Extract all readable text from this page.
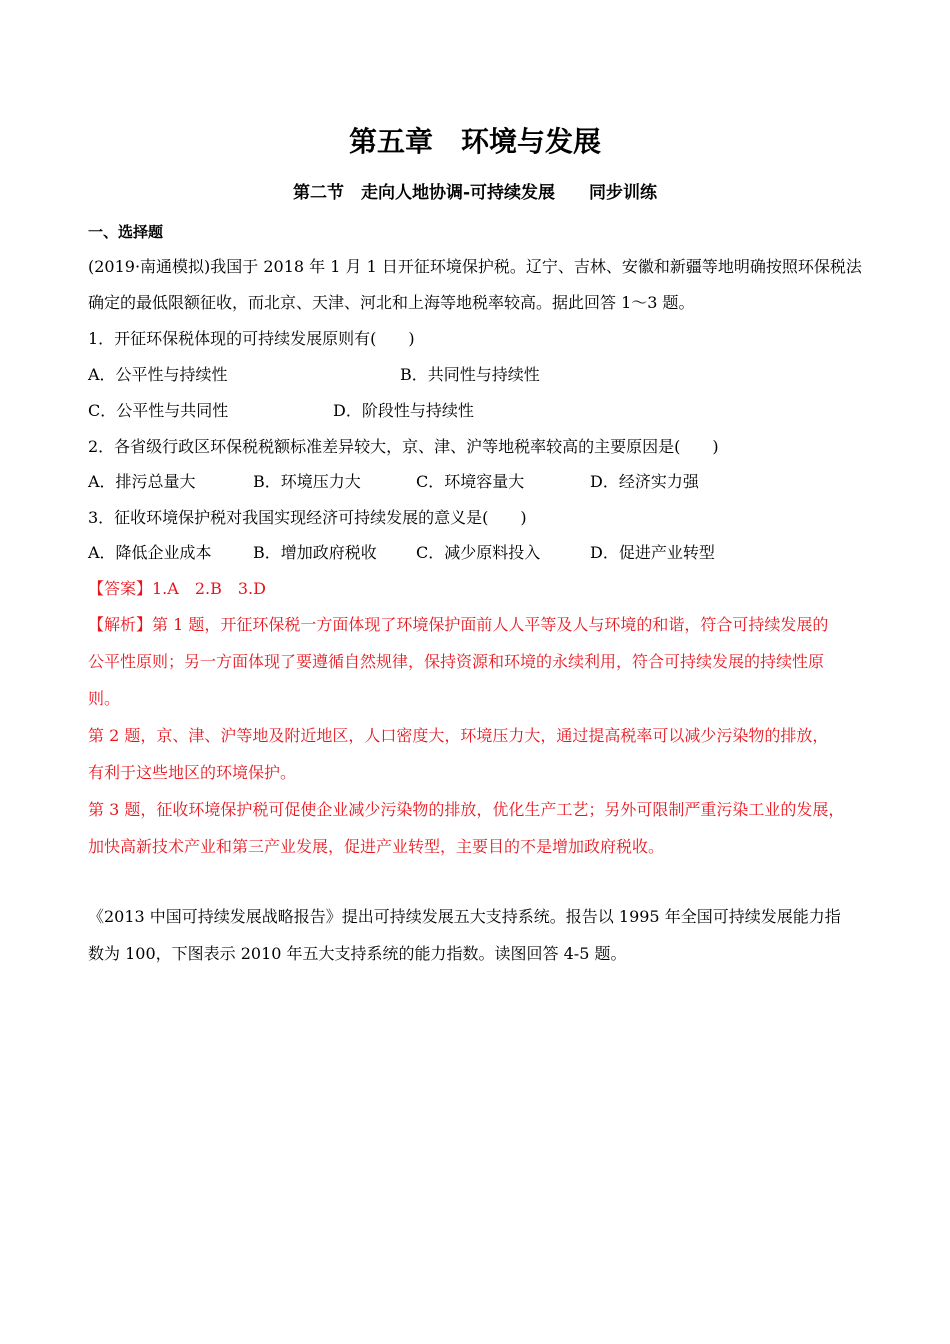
第五章　环境与发展
第二节　走向人地协调-可持续发展　　同步训练
一、选择题
(2019·南通模拟)我国于 2018 年 1 月 1 日开征环境保护税。辽宁、吉林、安徽和新疆等地明确按照环保税法
确定的最低限额征收，而北京、天津、河北和上海等地税率较高。据此回答 1～3 题。
1．开征环保税体现的可持续发展原则有(　　)
A．公平性与持续性	B．共同性与持续性
C．公平性与共同性	D．阶段性与持续性
2．各省级行政区环保税税额标准差异较大，京、津、沪等地税率较高的主要原因是(　　)
A．排污总量大	B．环境压力大	C．环境容量大	D．经济实力强
3．征收环境保护税对我国实现经济可持续发展的意义是(　　)
A．降低企业成本	B．增加政府税收 C．减少原料投入	D．促进产业转型
【答案】1.A　2.B　3.D
【解析】第 1 题，开征环保税一方面体现了环境保护面前人人平等及人与环境的和谐，符合可持续发展的
公平性原则；另一方面体现了要遵循自然规律，保持资源和环境的永续利用，符合可持续发展的持续性原
则。
第 2 题，京、津、沪等地及附近地区，人口密度大，环境压力大，通过提高税率可以减少污染物的排放，
有利于这些地区的环境保护。
第 3 题，征收环境保护税可促使企业减少污染物的排放，优化生产工艺；另外可限制严重污染工业的发展，
加快高新技术产业和第三产业发展，促进产业转型，主要目的不是增加政府税收。
《2013 中国可持续发展战略报告》提出可持续发展五大支持系统。报告以 1995 年全国可持续发展能力指
数为 100，下图表示 2010 年五大支持系统的能力指数。读图回答 4-5 题。
